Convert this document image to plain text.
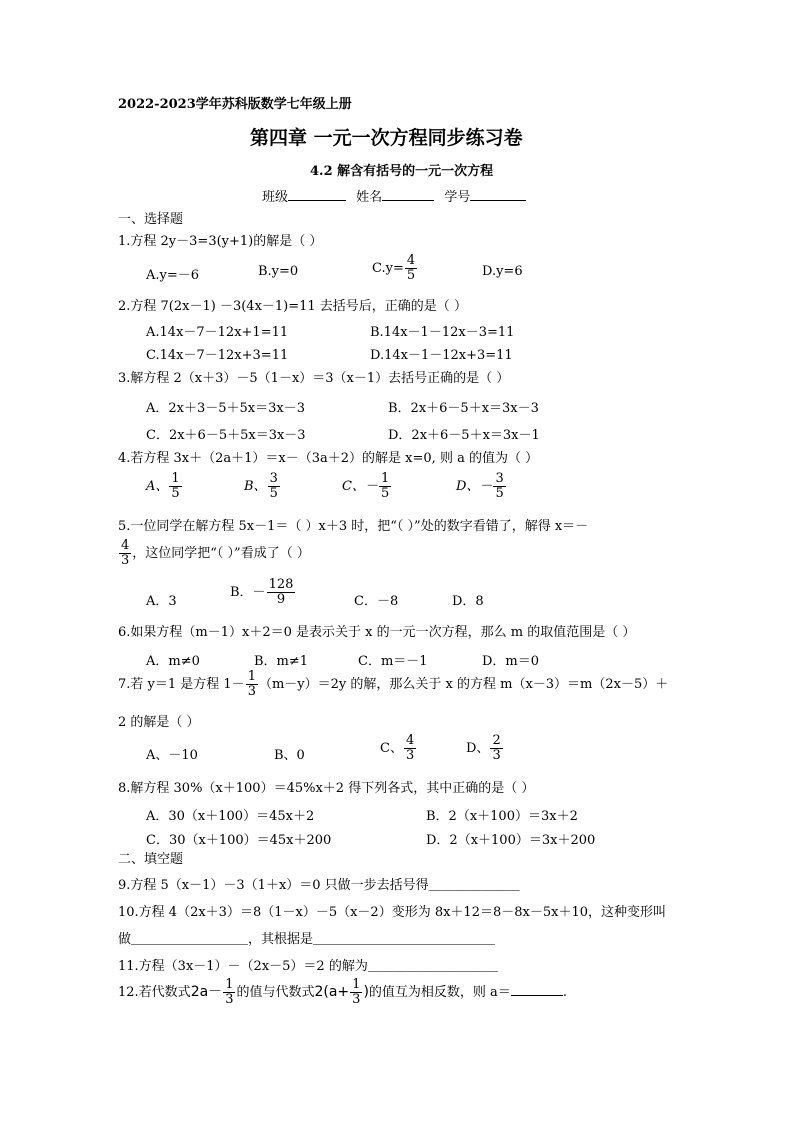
2022-2023学年苏科版数学七年级上册
第四章 一元一次方程同步练习卷
4.2 解含有括号的一元一次方程
班级	姓名	学号
一、选择题
1.方程 2y－3=3(y+1)的解是（ ）
A.y=－6	B.y=0	$C.y= \frac{4}{5}$	D.y=6
2.方程 7(2x－1) －3(4x－1)=11 去括号后，正确的是（ ）
A.14x－7－12x+1=11	B.14x－1－12x－3=11
C.14x－7－12x+3=11	D.14x－1－12x+3=11
3.解方程 2（x＋3）－5（1－x）＝3（x－1）去括号正确的是（ ）
A．2x＋3－5＋5x＝3x－3	B．2x＋6－5＋x＝3x－3
C．2x＋6－5＋5x＝3x－3	D．2x＋6－5＋x＝3x－1
4.若方程 3x＋（2a＋1）＝x－（3a＋2）的解是 x=0, 则 a 的值为（ ）
A、 $\frac{1}{5}$	B、 $\frac{3}{5}$	C、－ $\frac{1}{5}$	D、－ $\frac{3}{5}$
5.一位同学在解方程 5x－1＝（ ）x＋3 时，把“（ ）”处的数字看错了，解得 x＝－
$\frac{4}{3}$ ，这位同学把“（ ）”看成了（ ）
A．3
B．－ $\frac{128}{9}$	C．－8	D．8
6.如果方程（m－1）x＋2＝0 是表示关于 x 的一元一次方程，那么 m 的取值范围是（ ）
A．m≠0	B．m≠1	C．m＝－1	D．m＝0
7.若 y＝1 是方程 $1- \frac{1}{3} (m-y)=2y$ 的解，那么关于 x 的方程 m（x－3）＝m（2x－5）＋
2 的解是（ ）
A、－10	B、0	C、 $\frac{4}{3}$	D、 $\frac{2}{3}$
8.解方程 30%（x＋100）＝45%x＋2 得下列各式，其中正确的是（ ）
A．30（x＋100）＝45x＋2	B．2（x＋100）＝3x＋2
C．30（x＋100）＝45x＋200	D．2（x＋100）＝3x＋200
二、填空题
9.方程 5（x－1）－3（1＋x）＝0 只做一步去括号得＿＿＿＿＿＿＿
10.方程 4（2x＋3）＝8（1－x）－5（x－2）变形为 8x＋12＝8－8x－5x＋10，这种变形叫
做＿＿＿＿＿＿＿＿＿，其根据是＿＿＿＿＿＿＿＿＿＿＿＿＿＿
11.方程（3x－1）－（2x－5）＝2 的解为＿＿＿＿＿＿＿＿＿＿
12.若代数式$2a- \frac{1}{3}$ 的值与代数式$2(a+ \frac{1}{3}$ )的值互为相反数，则 a＝	.
